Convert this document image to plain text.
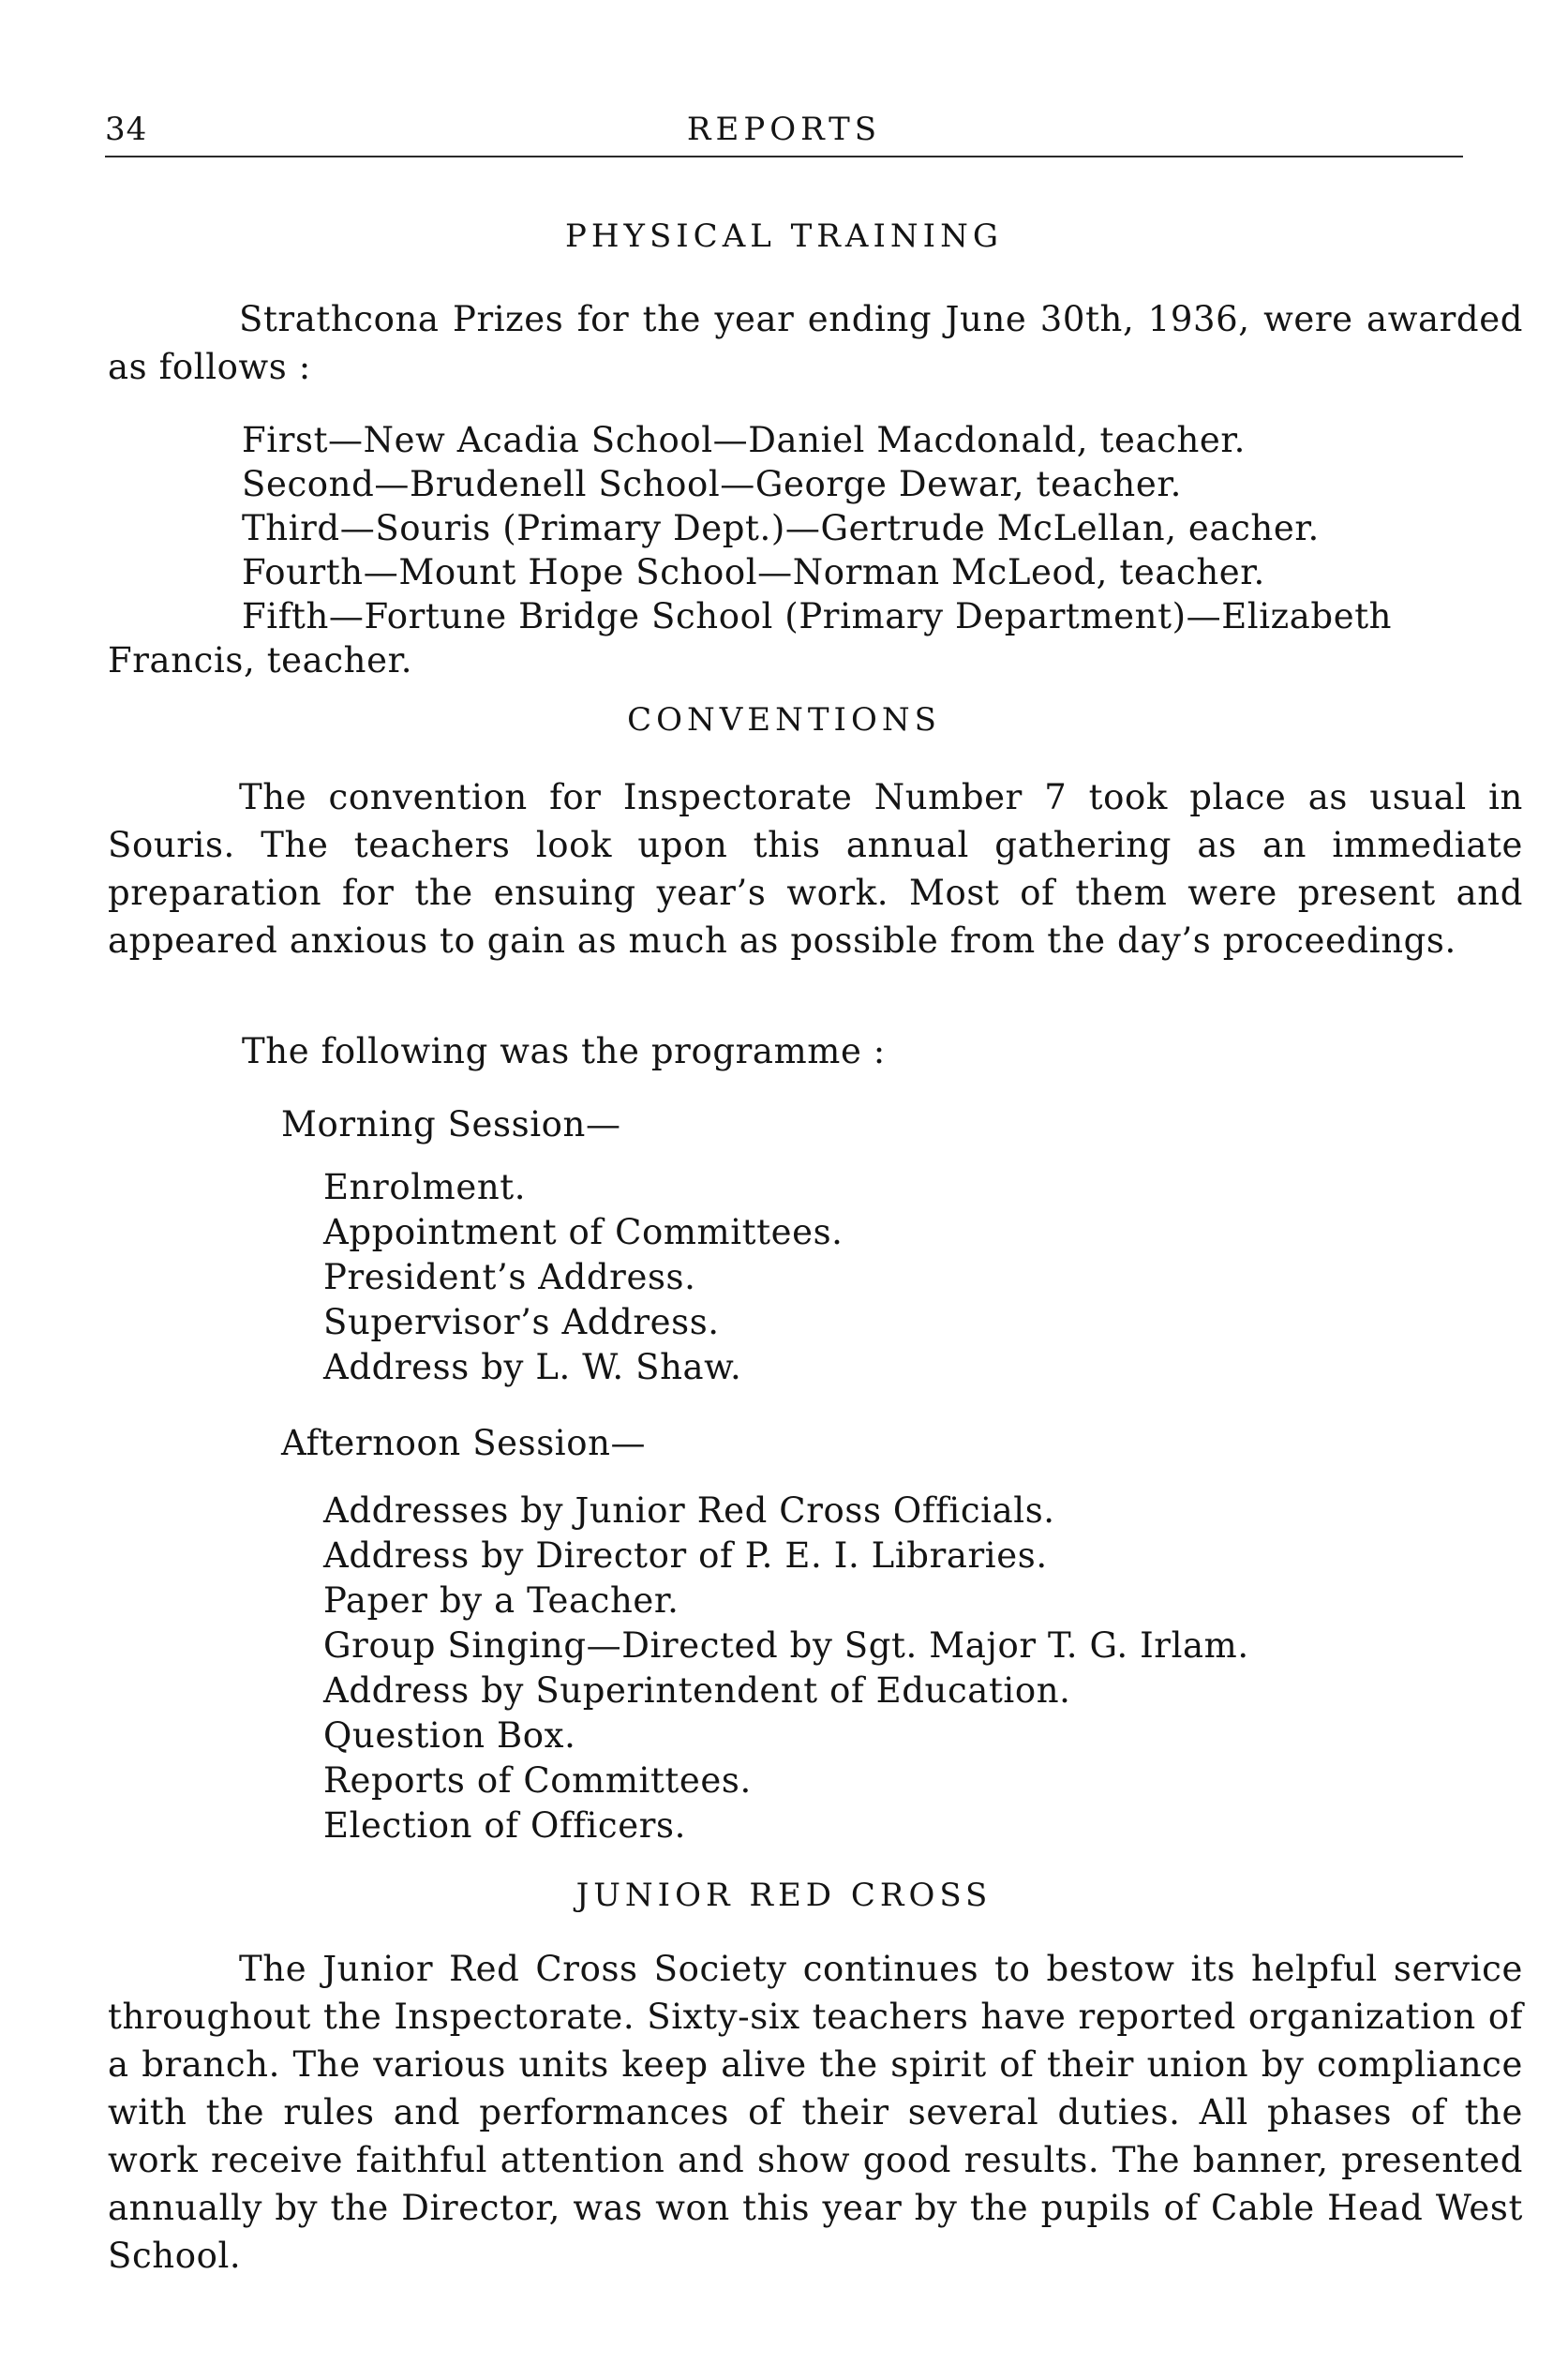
34	REPORTS
PHYSICAL TRAINING
Strathcona Prizes for the year ending June 30th, 1936, were awarded as follows :
First—New Acadia School—Daniel Macdonald, teacher.
Second—Brudenell School—George Dewar, teacher.
Third—Souris (Primary Dept.)—Gertrude McLellan, eacher.
Fourth—Mount Hope School—Norman McLeod, teacher.
Fifth—Fortune Bridge School (Primary Department)—Elizabeth
Francis, teacher.
CONVENTIONS
The convention for Inspectorate Number 7 took place as usual in Souris. The teachers look upon this annual gathering as an immediate preparation for the ensuing year’s work. Most of them were present and appeared anxious to gain as much as possible from the day’s proceedings.
The following was the programme :
Morning Session—
Enrolment.
Appointment of Committees.
President’s Address.
Supervisor’s Address.
Address by L. W. Shaw.
Afternoon Session—
Addresses by Junior Red Cross Officials.
Address by Director of P. E. I. Libraries.
Paper by a Teacher.
Group Singing—Directed by Sgt. Major T. G. Irlam.
Address by Superintendent of Education.
Question Box.
Reports of Committees.
Election of Officers.
JUNIOR RED CROSS
The Junior Red Cross Society continues to bestow its helpful service throughout the Inspectorate. Sixty-six teachers have reported organization of a branch. The various units keep alive the spirit of their union by compliance with the rules and performances of their several duties. All phases of the work receive faithful attention and show good results. The banner, presented annually by the Director, was won this year by the pupils of Cable Head West School.
